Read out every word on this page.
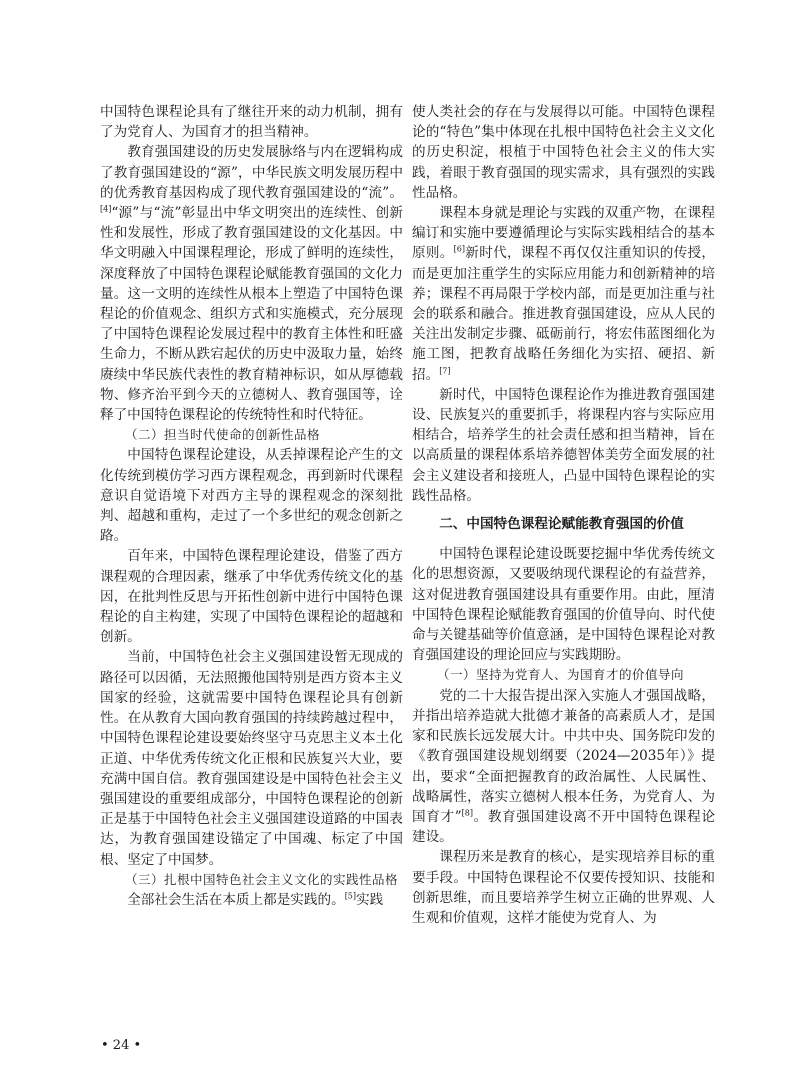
中国特色课程论具有了继往开来的动力机制，拥有了为党育人、为国育才的担当精神。

教育强国建设的历史发展脉络与内在逻辑构成了教育强国建设的“源”，中华民族文明发展历程中的优秀教育基因构成了现代教育强国建设的“流”。[4]“源”与“流”彰显出中华文明突出的连续性、创新性和发展性，形成了教育强国建设的文化基因。中华文明融入中国课程理论，形成了鲜明的连续性，深度释放了中国特色课程论赋能教育强国的文化力量。这一文明的连续性从根本上塑造了中国特色课程论的价值观念、组织方式和实施模式，充分展现了中国特色课程论发展过程中的教育主体性和旺盛生命力，不断从跌宕起伏的历史中汲取力量，始终赓续中华民族代表性的教育精神标识，如从厚德载物、修齐治平到今天的立德树人、教育强国等，诠释了中国特色课程论的传统特性和时代特征。

（二）担当时代使命的创新性品格

中国特色课程论建设，从丢掉课程论产生的文化传统到模仿学习西方课程观念，再到新时代课程意识自觉语境下对西方主导的课程观念的深刻批判、超越和重构，走过了一个多世纪的观念创新之路。

百年来，中国特色课程理论建设，借鉴了西方课程观的合理因素，继承了中华优秀传统文化的基因，在批判性反思与开拓性创新中进行中国特色课程论的自主构建，实现了中国特色课程论的超越和创新。

当前，中国特色社会主义强国建设暂无现成的路径可以因循，无法照搬他国特别是西方资本主义国家的经验，这就需要中国特色课程论具有创新性。在从教育大国向教育强国的持续跨越过程中，中国特色课程论建设要始终坚守马克思主义本土化正道、中华优秀传统文化正根和民族复兴大业，要充满中国自信。教育强国建设是中国特色社会主义强国建设的重要组成部分，中国特色课程论的创新正是基于中国特色社会主义强国建设道路的中国表达，为教育强国建设锚定了中国魂、标定了中国根、坚定了中国梦。

（三）扎根中国特色社会主义文化的实践性品格

全部社会生活在本质上都是实践的。[5]实践

使人类社会的存在与发展得以可能。中国特色课程论的“特色”集中体现在扎根中国特色社会主义文化的历史积淀，根植于中国特色社会主义的伟大实践，着眼于教育强国的现实需求，具有强烈的实践性品格。

课程本身就是理论与实践的双重产物，在课程编订和实施中要遵循理论与实际实践相结合的基本原则。[6]新时代，课程不再仅仅注重知识的传授，而是更加注重学生的实际应用能力和创新精神的培养；课程不再局限于学校内部，而是更加注重与社会的联系和融合。推进教育强国建设，应从人民的关注出发制定步骤、砥砺前行，将宏伟蓝图细化为施工图，把教育战略任务细化为实招、硬招、新招。[7]

新时代，中国特色课程论作为推进教育强国建设、民族复兴的重要抓手，将课程内容与实际应用相结合，培养学生的社会责任感和担当精神，旨在以高质量的课程体系培养德智体美劳全面发展的社会主义建设者和接班人，凸显中国特色课程论的实践性品格。

二、中国特色课程论赋能教育强国的价值

中国特色课程论建设既要挖掘中华优秀传统文化的思想资源，又要吸纳现代课程论的有益营养，这对促进教育强国建设具有重要作用。由此，厘清中国特色课程论赋能教育强国的价值导向、时代使命与关键基础等价值意涵，是中国特色课程论对教育强国建设的理论回应与实践期盼。

（一）坚持为党育人、为国育才的价值导向

党的二十大报告提出深入实施人才强国战略，并指出培养造就大批德才兼备的高素质人才，是国家和民族长远发展大计。中共中央、国务院印发的《教育强国建设规划纲要（2024—2035年）》提出，要求“全面把握教育的政治属性、人民属性、战略属性，落实立德树人根本任务，为党育人、为国育才”[8]。教育强国建设离不开中国特色课程论建设。

课程历来是教育的核心，是实现培养目标的重要手段。中国特色课程论不仅要传授知识、技能和创新思维，而且要培养学生树立正确的世界观、人生观和价值观，这样才能使为党育人、为

• 24 •
